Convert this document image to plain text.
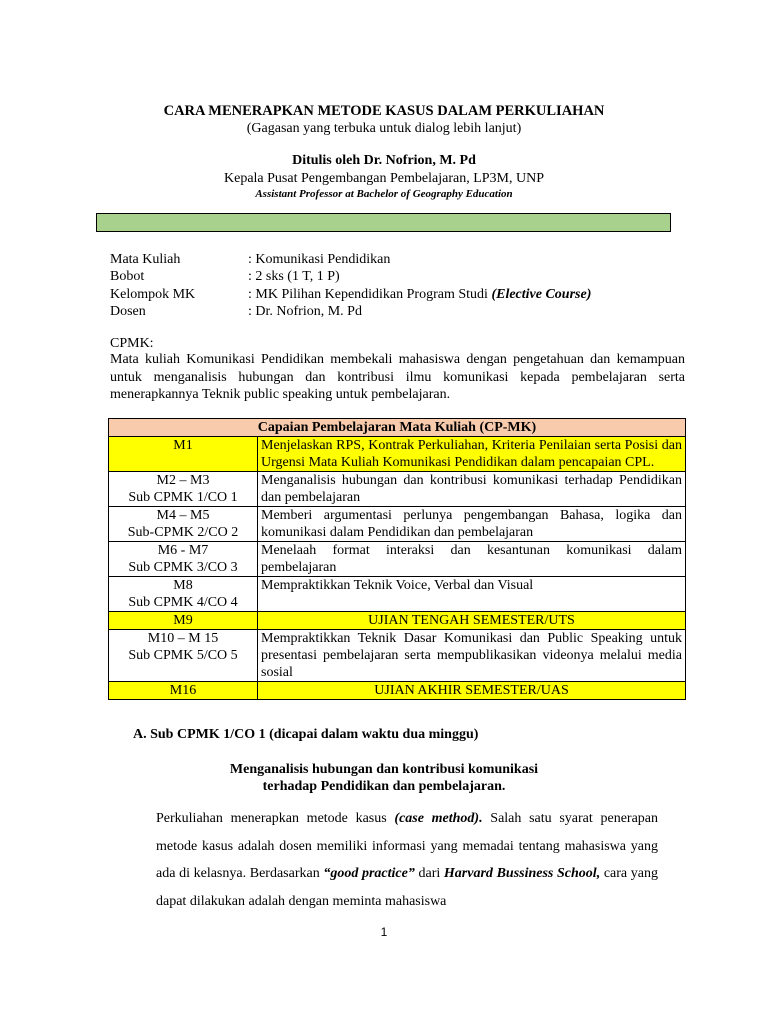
CARA MENERAPKAN METODE KASUS DALAM PERKULIAHAN
(Gagasan yang terbuka untuk dialog lebih lanjut)
Ditulis oleh Dr. Nofrion, M. Pd
Kepala Pusat Pengembangan Pembelajaran, LP3M, UNP
Assistant Professor at Bachelor of Geography Education
Mata Kuliah	: Komunikasi Pendidikan
Bobot	: 2 sks (1 T, 1 P)
Kelompok MK	: MK Pilihan Kependidikan Program Studi (Elective Course)
Dosen	: Dr. Nofrion, M. Pd
CPMK:
Mata kuliah Komunikasi Pendidikan membekali mahasiswa dengan pengetahuan dan kemampuan untuk menganalisis hubungan dan kontribusi ilmu komunikasi kepada pembelajaran serta menerapkannya Teknik public speaking untuk pembelajaran.
Capaian Pembelajaran Mata Kuliah (CP-MK)	

M1	Menjelaskan RPS, Kontrak Perkuliahan, Kriteria Penilaian serta Posisi dan Urgensi Mata Kuliah Komunikasi Pendidikan dalam pencapaian CPL.

M2 – M3
Sub CPMK 1/CO 1	Menganalisis hubungan dan kontribusi komunikasi terhadap Pendidikan dan pembelajaran

M4 – M5
Sub-CPMK 2/CO 2	Memberi argumentasi perlunya pengembangan Bahasa, logika dan komunikasi dalam Pendidikan dan pembelajaran

M6 - M7
Sub CPMK 3/CO 3	Menelaah format interaksi dan kesantunan komunikasi dalam pembelajaran

M8
Sub CPMK 4/CO 4	Mempraktikkan Teknik Voice, Verbal dan Visual

M9	UJIAN TENGAH SEMESTER/UTS

M10 – M 15
Sub CPMK 5/CO 5	Mempraktikkan Teknik Dasar Komunikasi dan Public Speaking untuk presentasi pembelajaran serta mempublikasikan videonya melalui media sosial

M16	UJIAN AKHIR SEMESTER/UAS
A. Sub CPMK 1/CO 1 (dicapai dalam waktu dua minggu)
Menganalisis hubungan dan kontribusi komunikasi
terhadap Pendidikan dan pembelajaran.
Perkuliahan menerapkan metode kasus (case method). Salah satu syarat penerapan metode kasus adalah dosen memiliki informasi yang memadai tentang mahasiswa yang ada di kelasnya. Berdasarkan “good practice” dari Harvard Bussiness School, cara yang dapat dilakukan adalah dengan meminta mahasiswa
1
